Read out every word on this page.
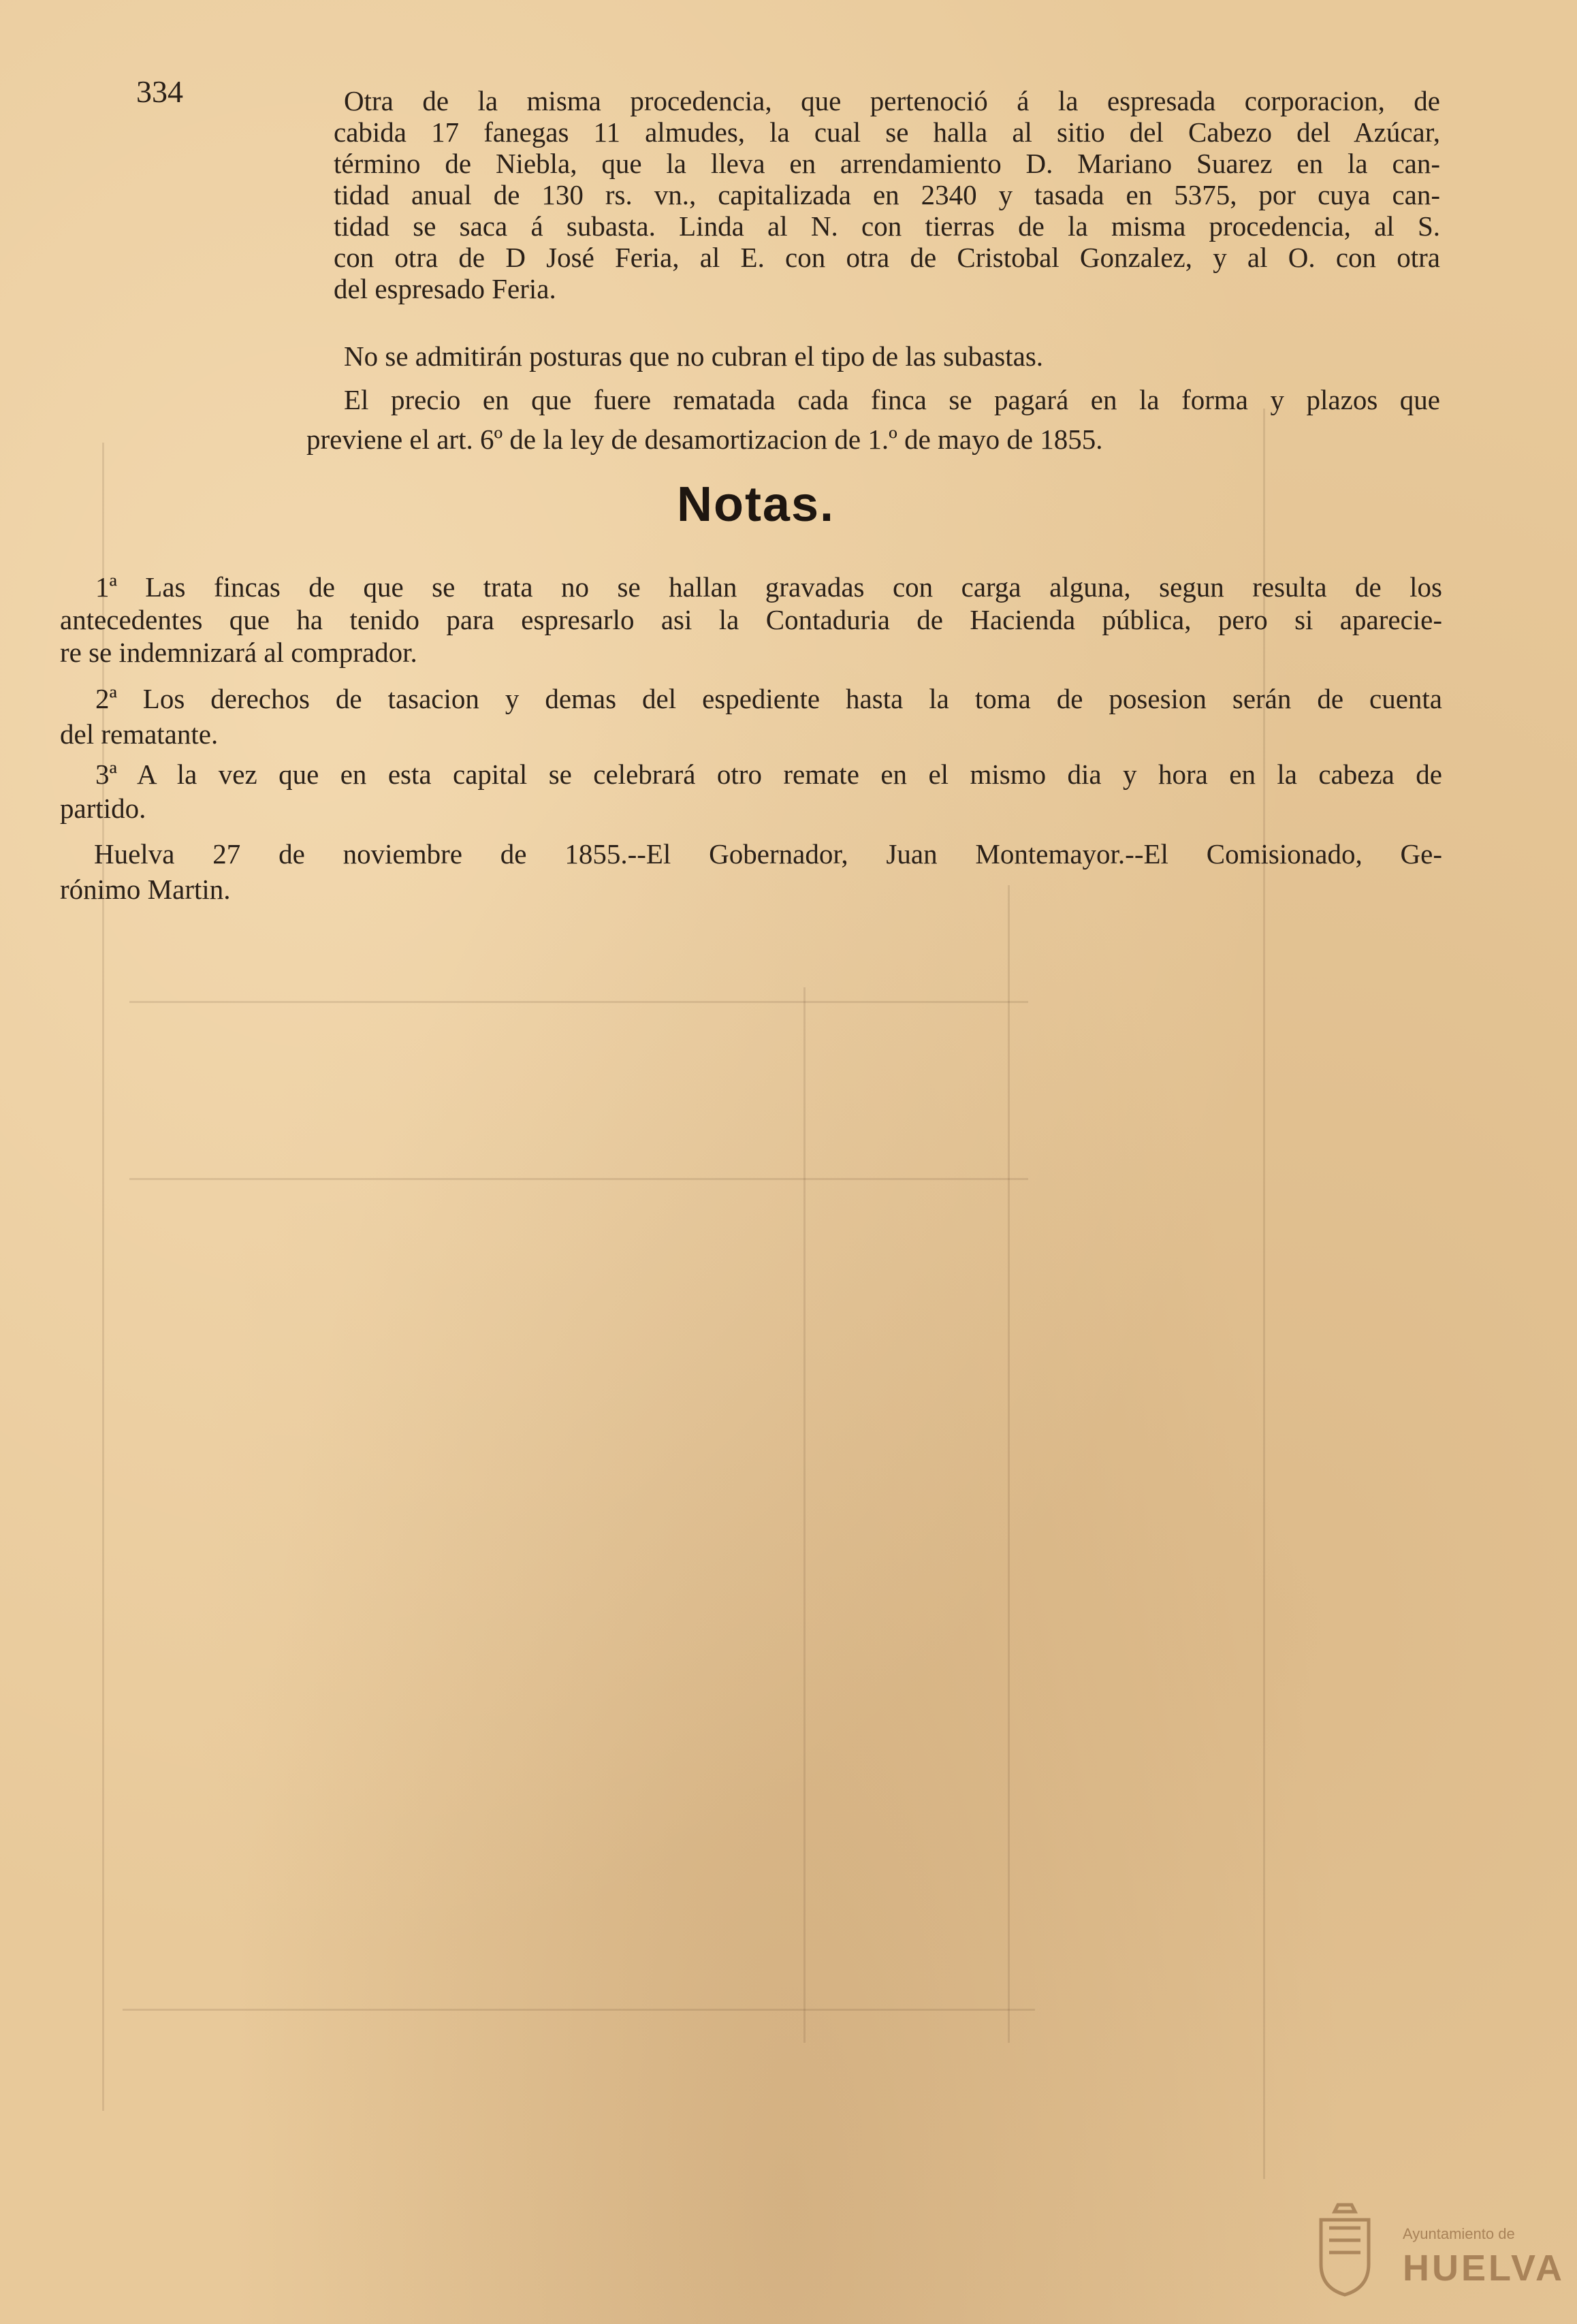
334	Otra de la misma procedencia, que pertenoció á la espresada corporacion, de
cabida 17 fanegas 11 almudes, la cual se halla al sitio del Cabezo del Azúcar,
término de Niebla, que la lleva en arrendamiento D. Mariano Suarez en la can-
tidad anual de 130 rs. vn., capitalizada en 2340 y tasada en 5375, por cuya can-
tidad se saca á subasta. Linda al N. con tierras de la misma procedencia, al S.
con otra de D José Feria, al E. con otra de Cristobal Gonzalez, y al O. con otra
del espresado Feria.
No se admitirán posturas que no cubran el tipo de las subastas.
El precio en que fuere rematada cada finca se pagará en la forma y plazos que
previene el art. 6º de la ley de desamortizacion de 1.º de mayo de 1855.
Notas.
1ª Las fincas de que se trata no se hallan gravadas con carga alguna, segun resulta de los
antecedentes que ha tenido para espresarlo asi la Contaduria de Hacienda pública, pero si aparecie-
re se indemnizará al comprador.
2ª Los derechos de tasacion y demas del espediente hasta la toma de posesion serán de cuenta
del rematante.
3ª A la vez que en esta capital se celebrará otro remate en el mismo dia y hora en la cabeza de
partido.
Huelva 27 de noviembre de 1855.--El Gobernador, Juan Montemayor.--El Comisionado, Ge-
rónimo Martin.
Ayuntamiento de
HUELVA
